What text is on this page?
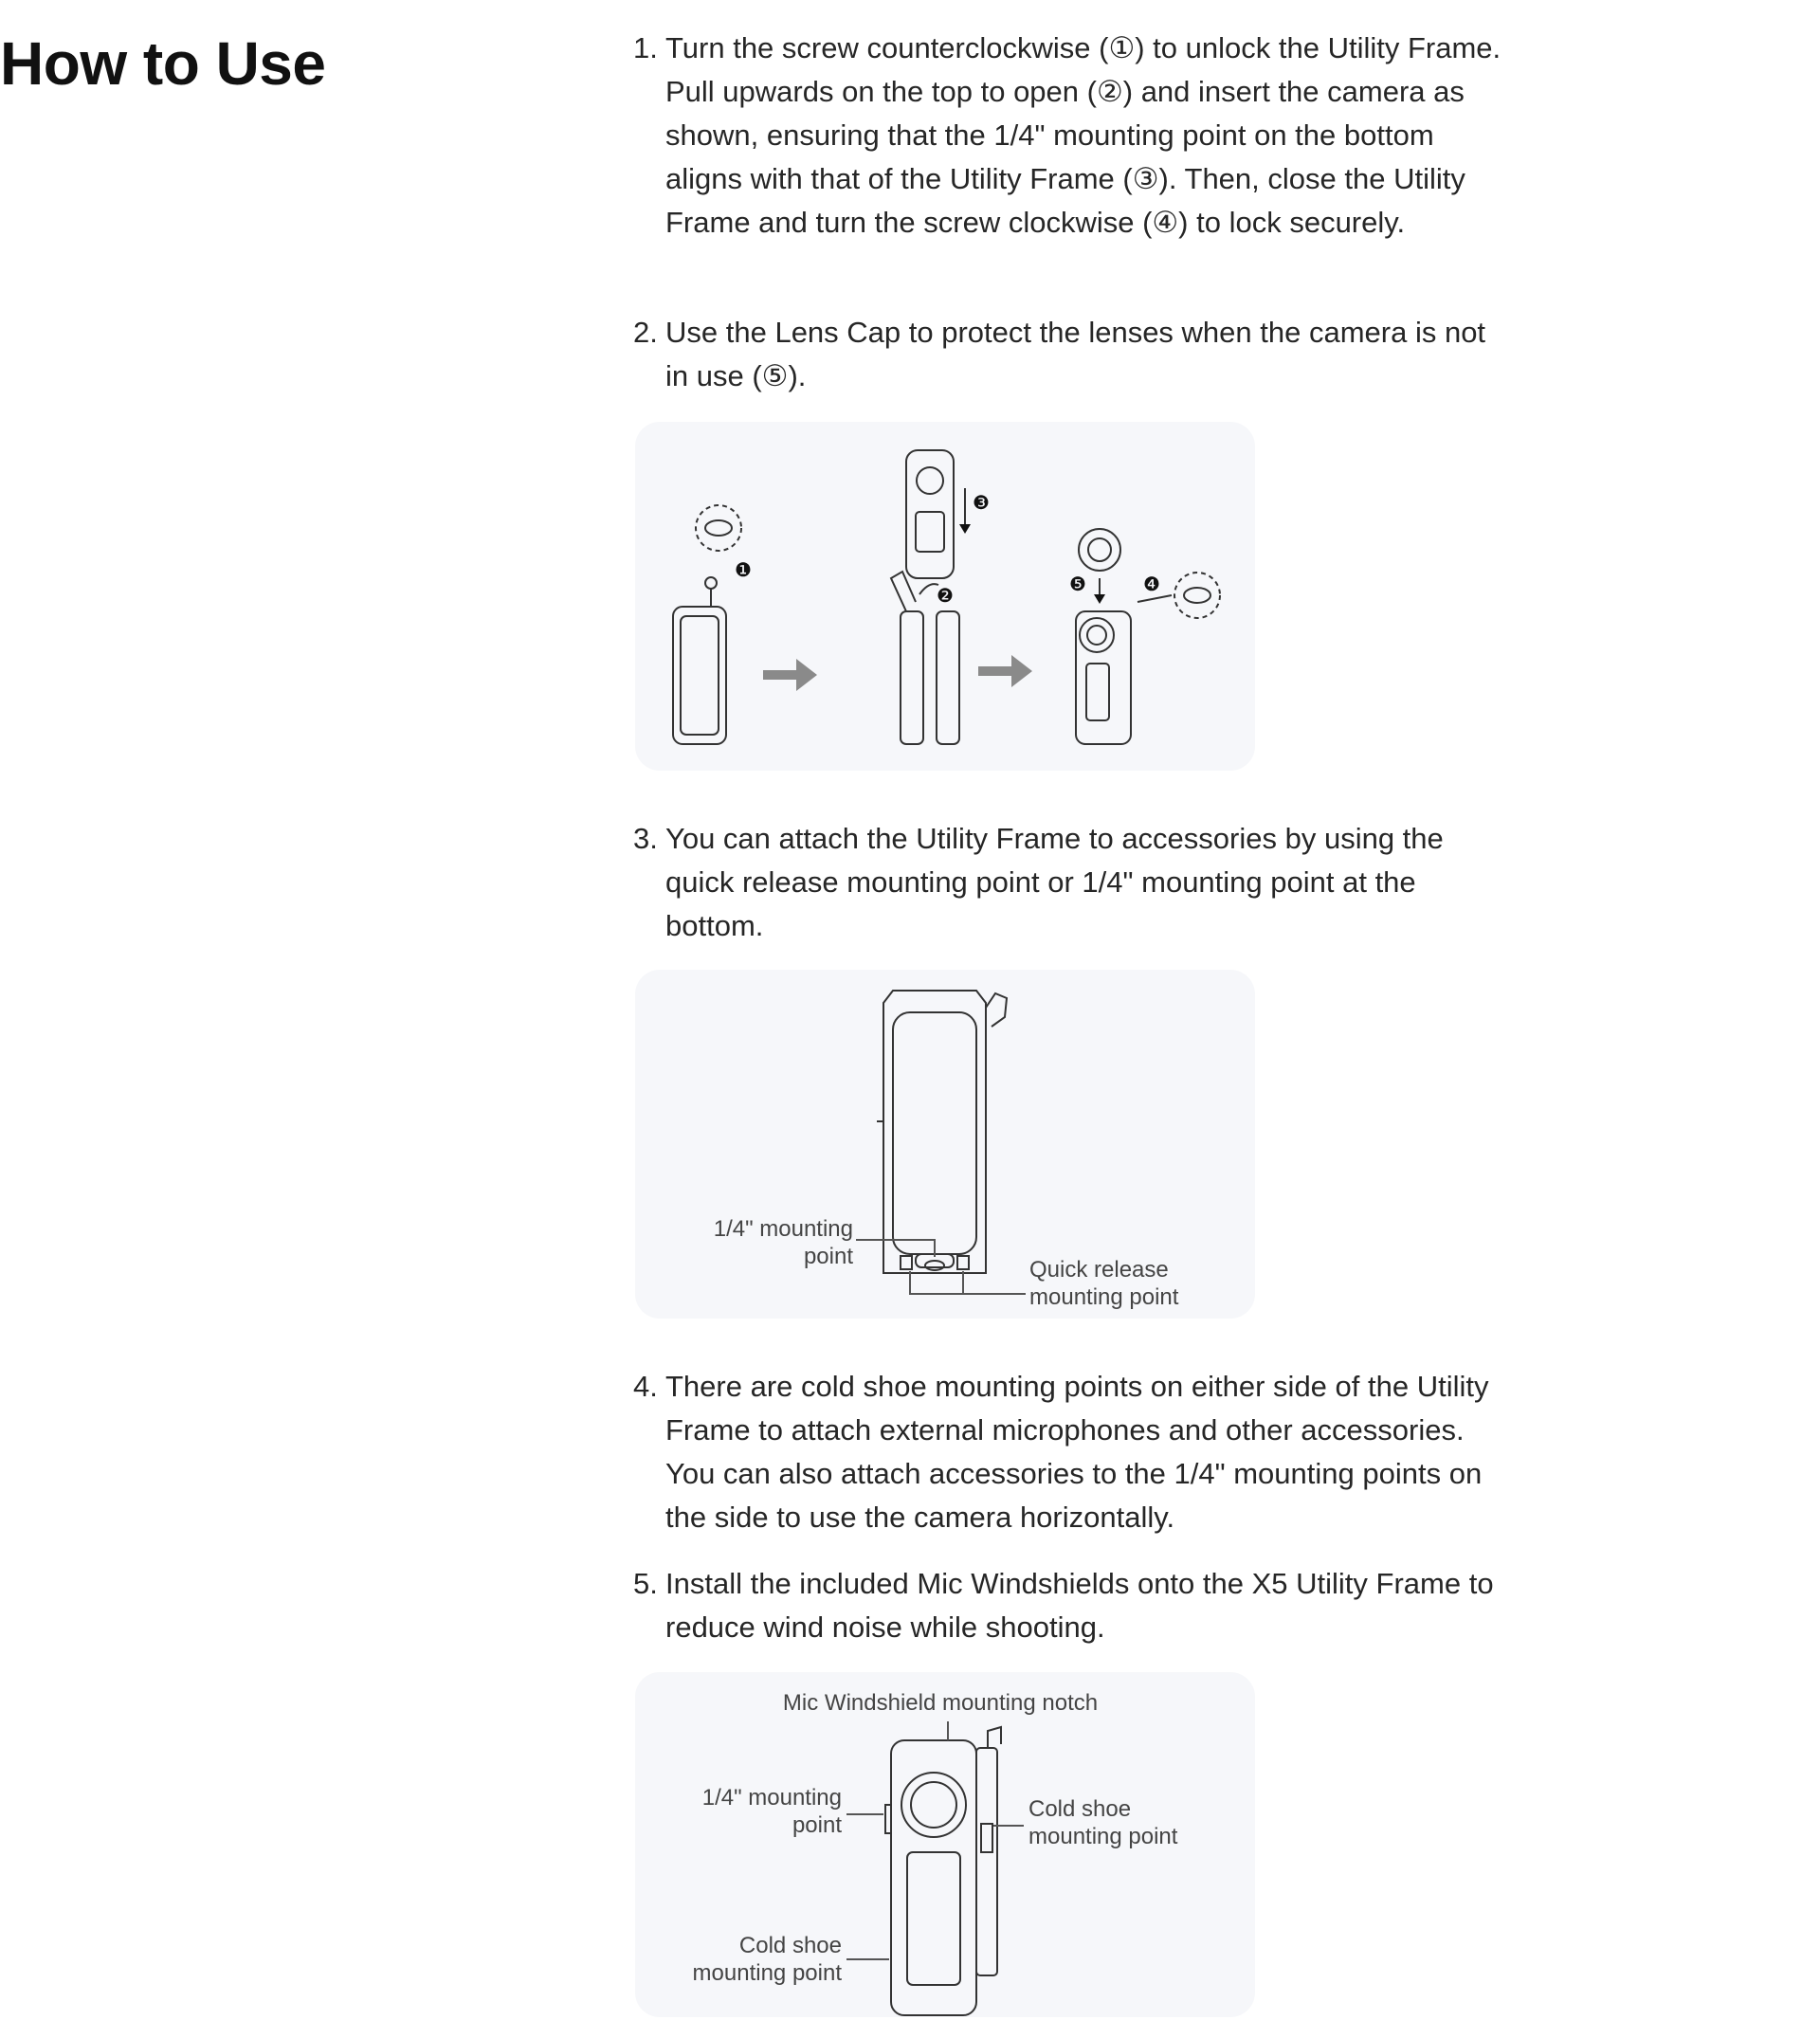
How to Use	1. Turn the screw counterclockwise (①) to unlock the Utility Frame. Pull upwards on the top to open (②) and insert the camera as shown, ensuring that the 1/4" mounting point on the bottom aligns with that of the Utility Frame (③). Then, close the Utility Frame and turn the screw clockwise (④) to lock securely.
2. Use the Lens Cap to protect the lenses when the camera is not in use (⑤).
❶
❷
❸
❹
❺
3. You can attach the Utility Frame to accessories by using the quick release mounting point or 1/4" mounting point at the bottom.
1/4" mounting
point
Quick release
mounting point
4. There are cold shoe mounting points on either side of the Utility Frame to attach external microphones and other accessories. You can also attach accessories to the 1/4" mounting points on the side to use the camera horizontally.
5. Install the included Mic Windshields onto the X5 Utility Frame to reduce wind noise while shooting.
Mic Windshield mounting notch
1/4" mounting
point
Cold shoe
mounting point
Cold shoe
mounting point
